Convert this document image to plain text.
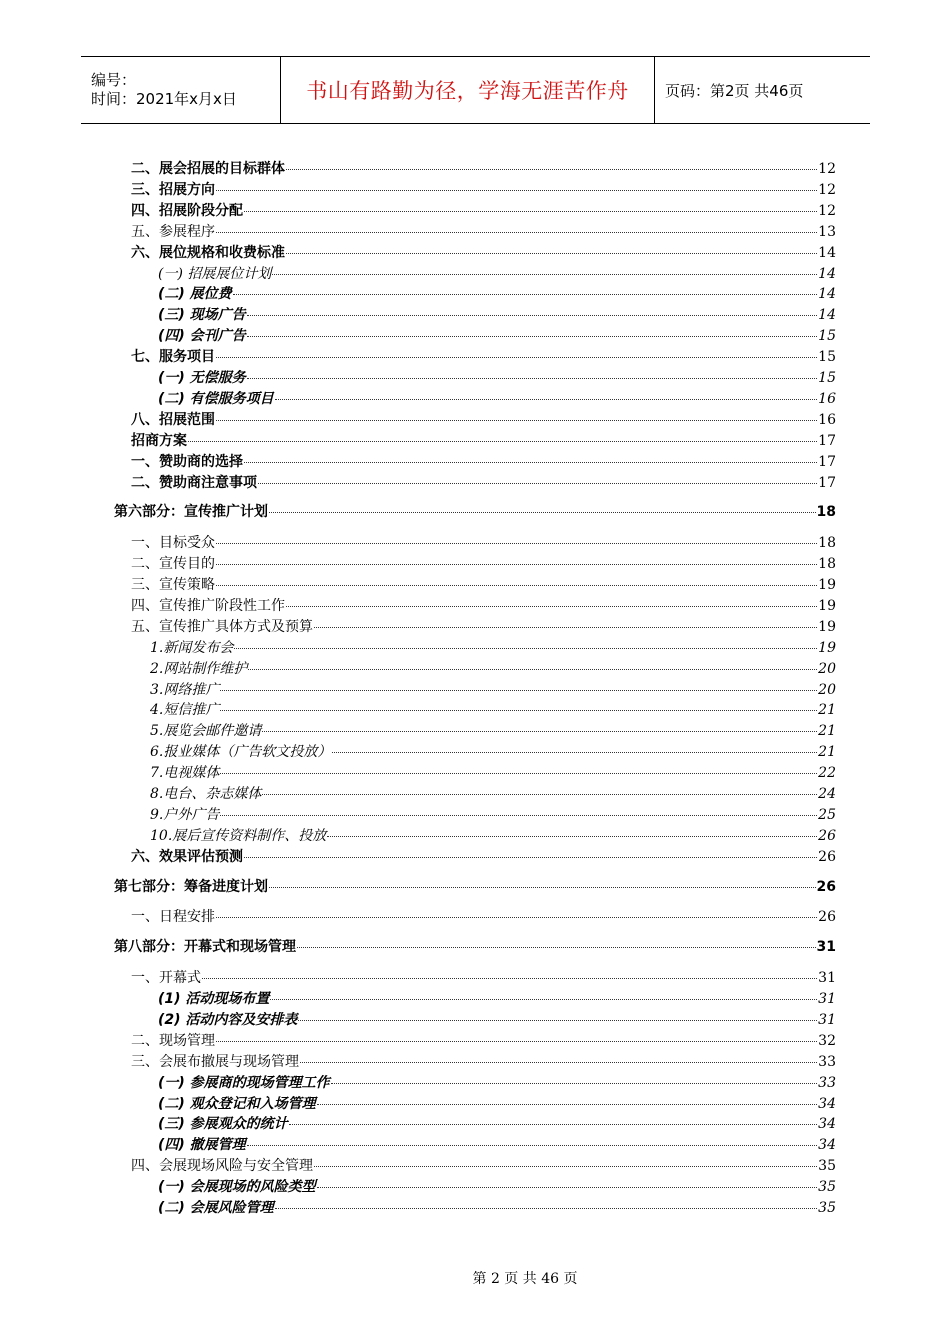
编号：
时间：2021年x月x日	书山有路勤为径，学海无涯苦作舟 页码：第2页 共46页
二、展会招展的目标群体	12
三、招展方向	12
四、招展阶段分配	12
五、参展程序	13
六、展位规格和收费标准	14
(一) 招展展位计划	14
(二) 展位费	14
(三) 现场广告	14
(四) 会刊广告	15
七、服务项目	15
(一) 无偿服务	15
(二) 有偿服务项目	16
八、招展范围	16
招商方案	17
一、赞助商的选择	17
二、赞助商注意事项	17
第六部分：宣传推广计划	18
一、目标受众	18
二、宣传目的	18
三、宣传策略	19
四、宣传推广阶段性工作	19
五、宣传推广具体方式及预算	19
1.新闻发布会	19
2.网站制作维护	20
3.网络推广	20
4.短信推广	21
5.展览会邮件邀请	21
6.报业媒体（广告软文投放）	21
7.电视媒体	22
8.电台、杂志媒体	24
9.户外广告	25
10.展后宣传资料制作、投放	26
六、效果评估预测	26
第七部分：筹备进度计划	26
一、日程安排	26
第八部分：开幕式和现场管理	31
一、开幕式	31
(1) 活动现场布置	31
(2) 活动内容及安排表	31
二、现场管理	32
三、会展布撤展与现场管理	33
(一) 参展商的现场管理工作	33
(二) 观众登记和入场管理	34
(三) 参展观众的统计	34
(四) 撤展管理	34
四、会展现场风险与安全管理	35
(一) 会展现场的风险类型	35
(二) 会展风险管理	35
第 2 页 共 46 页
